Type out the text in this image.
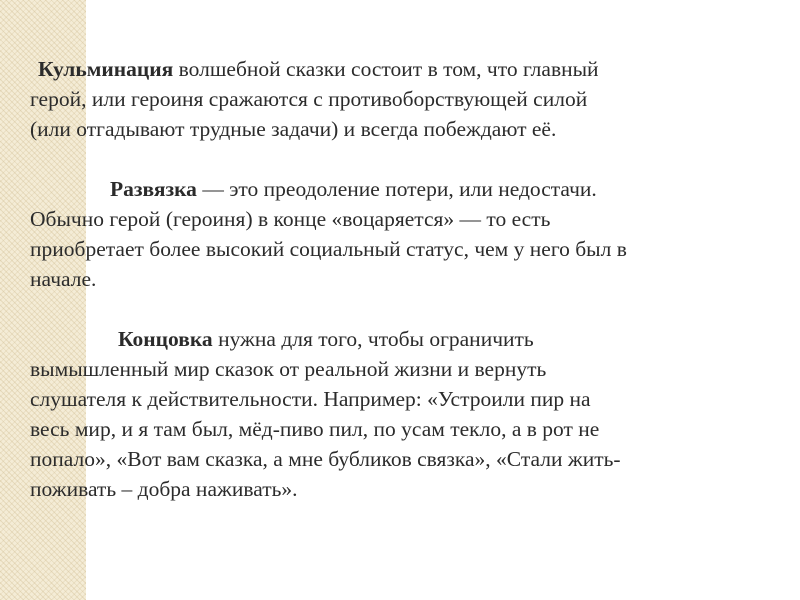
Кульминация волшебной сказки состоит в том, что главный
герой, или героиня сражаются с противоборствующей силой
(или отгадывают трудные задачи) и всегда побеждают её.

Развязка — это преодоление потери, или недостачи.
Обычно герой (героиня) в конце «воцаряется» — то есть
приобретает более высокий социальный статус, чем у него был в
начале.

Концовка нужна для того, чтобы ограничить
вымышленный мир сказок от реальной жизни и вернуть
слушателя к действительности. Например: «Устроили пир на
весь мир, и я там был, мёд-пиво пил, по усам текло, а в рот не
попало», «Вот вам сказка, а мне бубликов связка», «Стали жить-
поживать – добра наживать».
